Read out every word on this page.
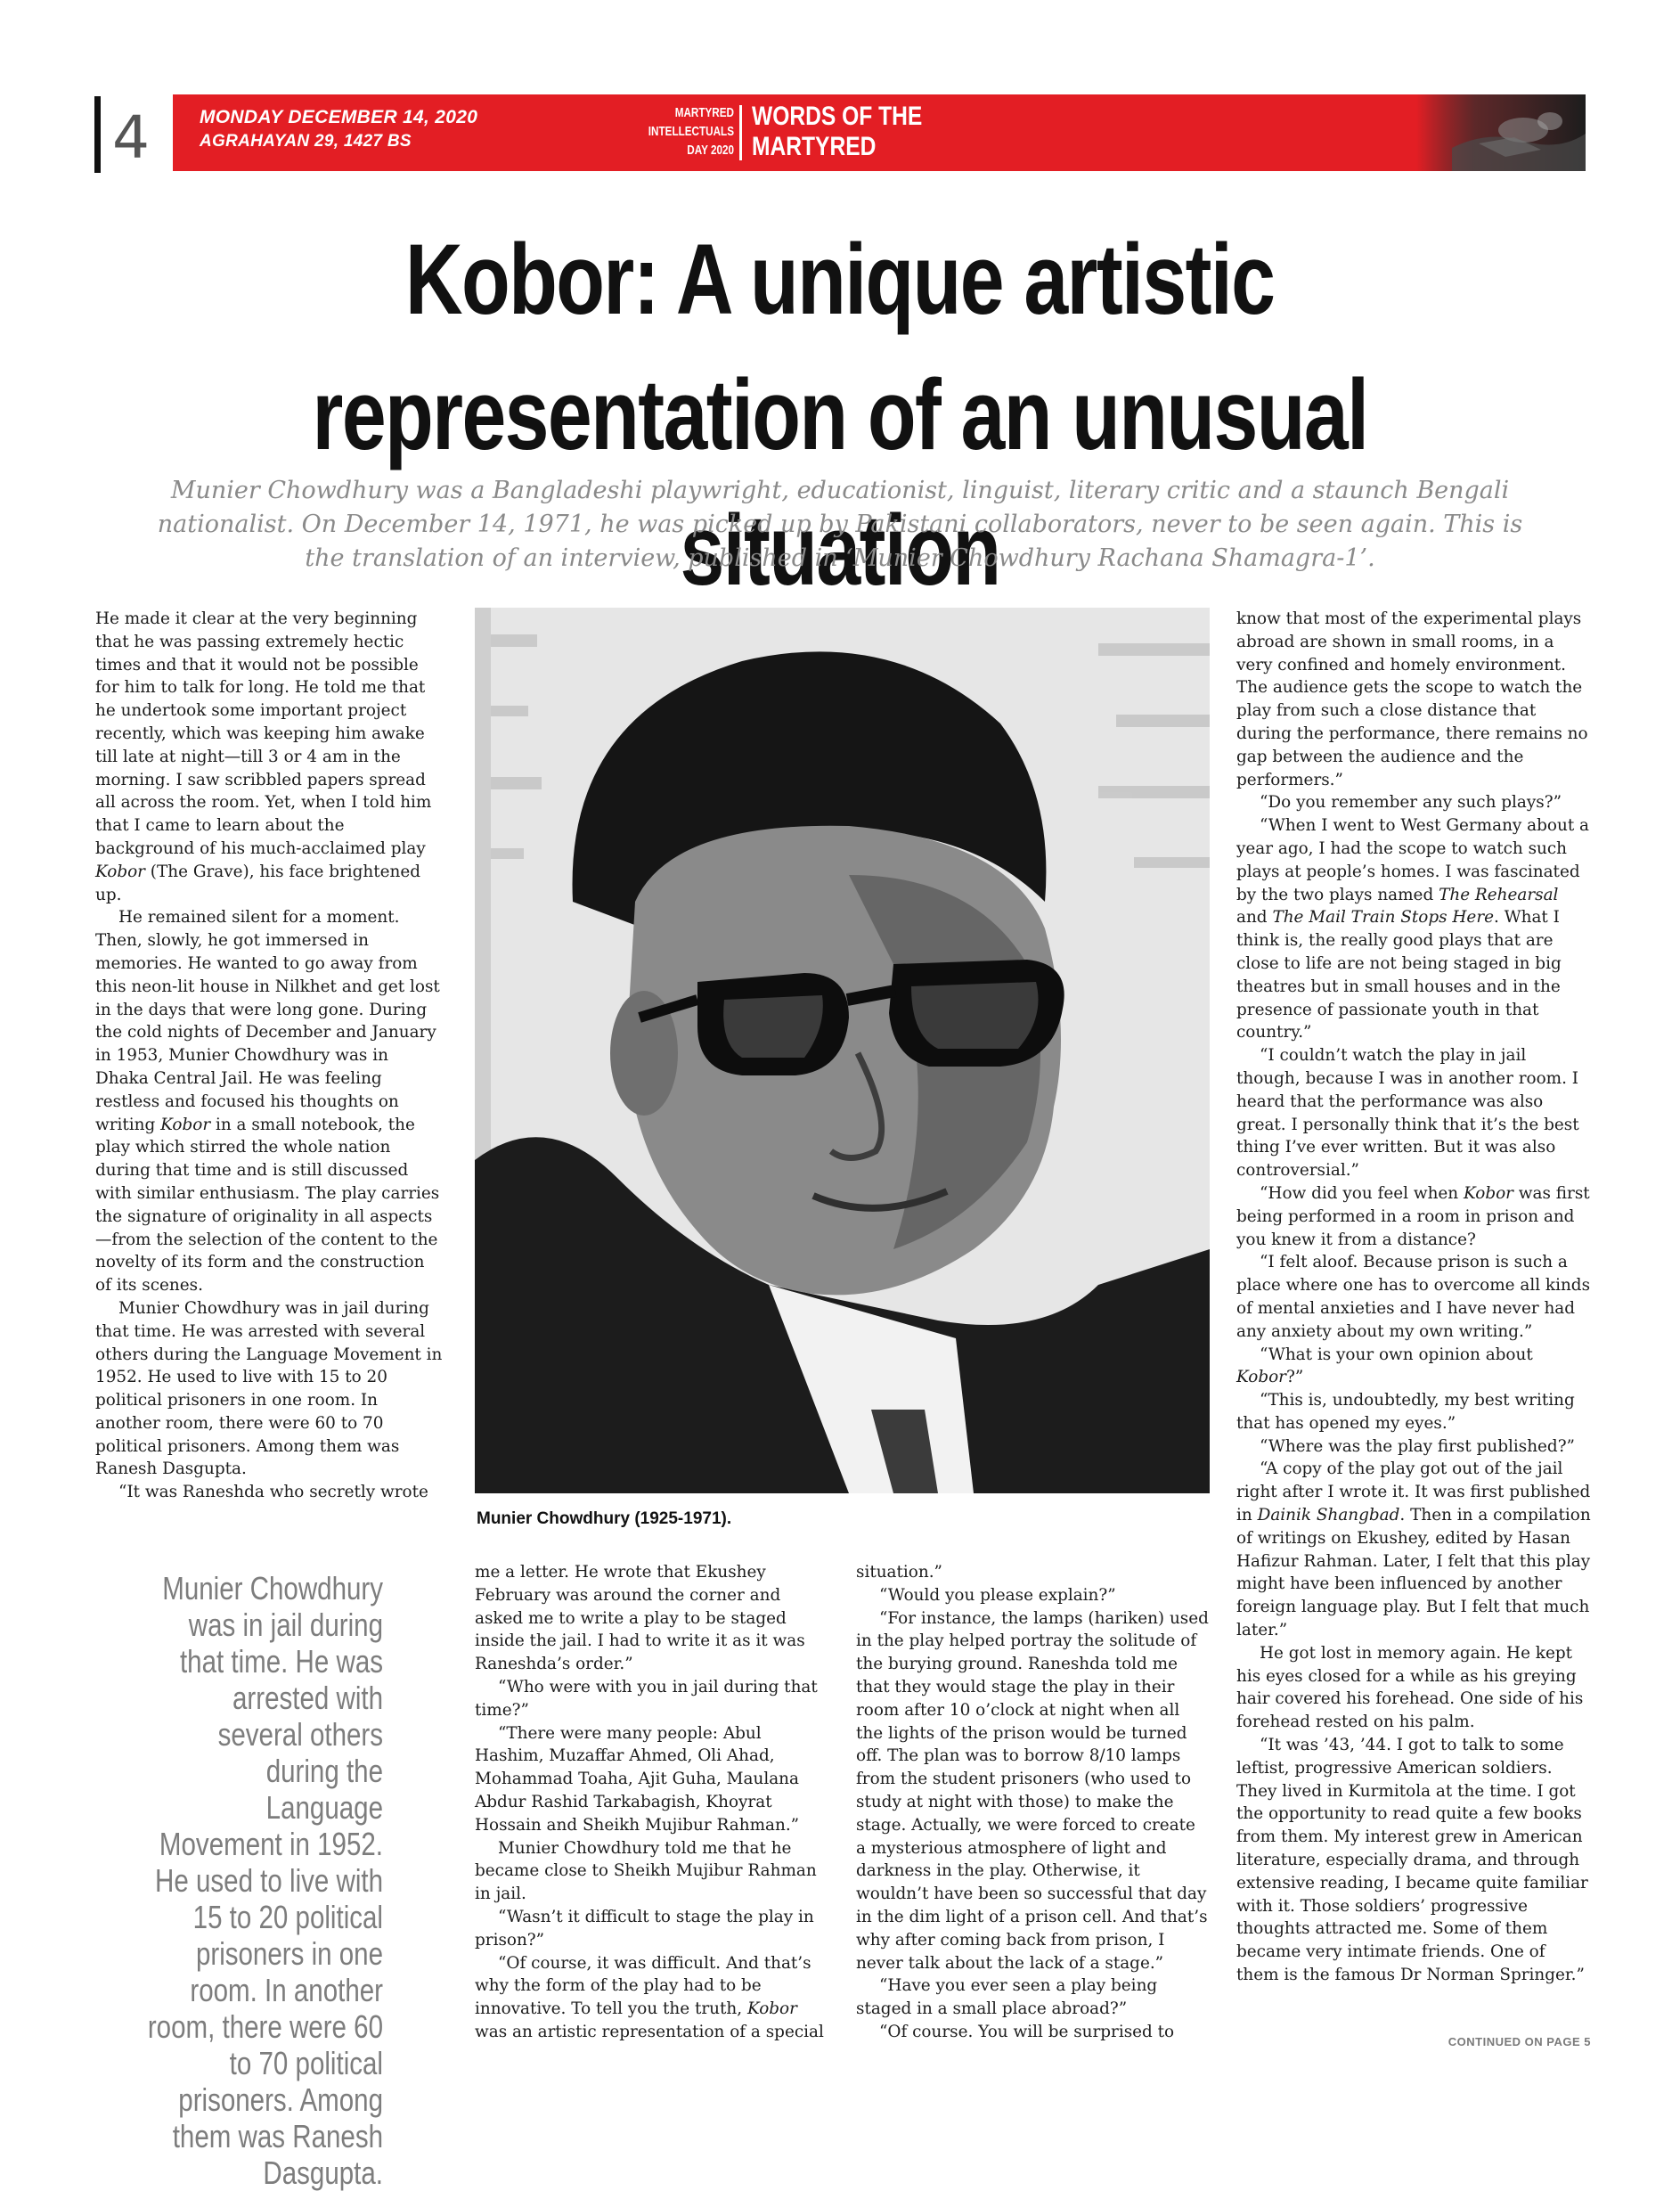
4	MONDAY DECEMBER 14, 2020
AGRAHAYAN 29, 1427 BS
MARTYRED
INTELLECTUALS
DAY 2020
WORDS OF THE
MARTYRED
Kobor: A unique artistic
representation of an unusual situation
Munier Chowdhury was a Bangladeshi playwright, educationist, linguist, literary critic and a staunch Bengali nationalist. On December 14, 1971, he was picked up by Pakistani collaborators, never to be seen again. This is the translation of an interview, published in ‘Munier Chowdhury Rachana Shamagra-1’.

He made it clear at the very beginning that he was passing extremely hectic times and that it would not be possible for him to talk for long. He told me that he undertook some important project recently, which was keeping him awake till late at night—till 3 or 4 am in the morning. I saw scribbled papers spread all across the room. Yet, when I told him that I came to learn about the background of his much-acclaimed play Kobor (The Grave), his face brightened up.

He remained silent for a moment. Then, slowly, he got immersed in memories. He wanted to go away from this neon-lit house in Nilkhet and get lost in the days that were long gone. During the cold nights of December and January in 1953, Munier Chowdhury was in Dhaka Central Jail. He was feeling restless and focused his thoughts on writing Kobor in a small notebook, the play which stirred the whole nation during that time and is still discussed with similar enthusiasm. The play carries the signature of originality in all aspects—from the selection of the content to the novelty of its form and the construction of its scenes.

Munier Chowdhury was in jail during that time. He was arrested with several others during the Language Movement in 1952. He used to live with 15 to 20 political prisoners in one room. In another room, there were 60 to 70 political prisoners. Among them was Ranesh Dasgupta.

“It was Raneshda who secretly wrote

Munier Chowdhury (1925-1971).
Munier Chowdhury was in jail during that time. He was arrested with several others during the Language Movement in 1952. He used to live with 15 to 20 political prisoners in one room. In another room, there were 60 to 70 political prisoners. Among them was Ranesh Dasgupta.

me a letter. He wrote that Ekushey February was around the corner and asked me to write a play to be staged inside the jail. I had to write it as it was Raneshda’s order.”

“Who were with you in jail during that time?”

“There were many people: Abul Hashim, Muzaffar Ahmed, Oli Ahad, Mohammad Toaha, Ajit Guha, Maulana Abdur Rashid Tarkabagish, Khoyrat Hossain and Sheikh Mujibur Rahman.”

Munier Chowdhury told me that he became close to Sheikh Mujibur Rahman in jail.

“Wasn’t it difficult to stage the play in prison?”

“Of course, it was difficult. And that’s why the form of the play had to be innovative. To tell you the truth, Kobor was an artistic representation of a special

situation.”

“Would you please explain?”

“For instance, the lamps (hariken) used in the play helped portray the solitude of the burying ground. Raneshda told me that they would stage the play in their room after 10 o’clock at night when all the lights of the prison would be turned off. The plan was to borrow 8/10 lamps from the student prisoners (who used to study at night with those) to make the stage. Actually, we were forced to create a mysterious atmosphere of light and darkness in the play. Otherwise, it wouldn’t have been so successful that day in the dim light of a prison cell. And that’s why after coming back from prison, I never talk about the lack of a stage.”

“Have you ever seen a play being staged in a small place abroad?”

“Of course. You will be surprised to

know that most of the experimental plays abroad are shown in small rooms, in a very confined and homely environment. The audience gets the scope to watch the play from such a close distance that during the performance, there remains no gap between the audience and the performers.”

“Do you remember any such plays?”

“When I went to West Germany about a year ago, I had the scope to watch such plays at people’s homes. I was fascinated by the two plays named The Rehearsal and The Mail Train Stops Here. What I think is, the really good plays that are close to life are not being staged in big theatres but in small houses and in the presence of passionate youth in that country.”

“I couldn’t watch the play in jail though, because I was in another room. I heard that the performance was also great. I personally think that it’s the best thing I’ve ever written. But it was also controversial.”

“How did you feel when Kobor was first being performed in a room in prison and you knew it from a distance?

“I felt aloof. Because prison is such a place where one has to overcome all kinds of mental anxieties and I have never had any anxiety about my own writing.”

“What is your own opinion about Kobor?”

“This is, undoubtedly, my best writing that has opened my eyes.”

“Where was the play first published?”

“A copy of the play got out of the jail right after I wrote it. It was first published in Dainik Shangbad. Then in a compilation of writings on Ekushey, edited by Hasan Hafizur Rahman. Later, I felt that this play might have been influenced by another foreign language play. But I felt that much later.”

He got lost in memory again. He kept his eyes closed for a while as his greying hair covered his forehead. One side of his forehead rested on his palm.

“It was ’43, ’44. I got to talk to some leftist, progressive American soldiers. They lived in Kurmitola at the time. I got the opportunity to read quite a few books from them. My interest grew in American literature, especially drama, and through extensive reading, I became quite familiar with it. Those soldiers’ progressive thoughts attracted me. Some of them became very intimate friends. One of them is the famous Dr Norman Springer.”

CONTINUED ON PAGE 5
